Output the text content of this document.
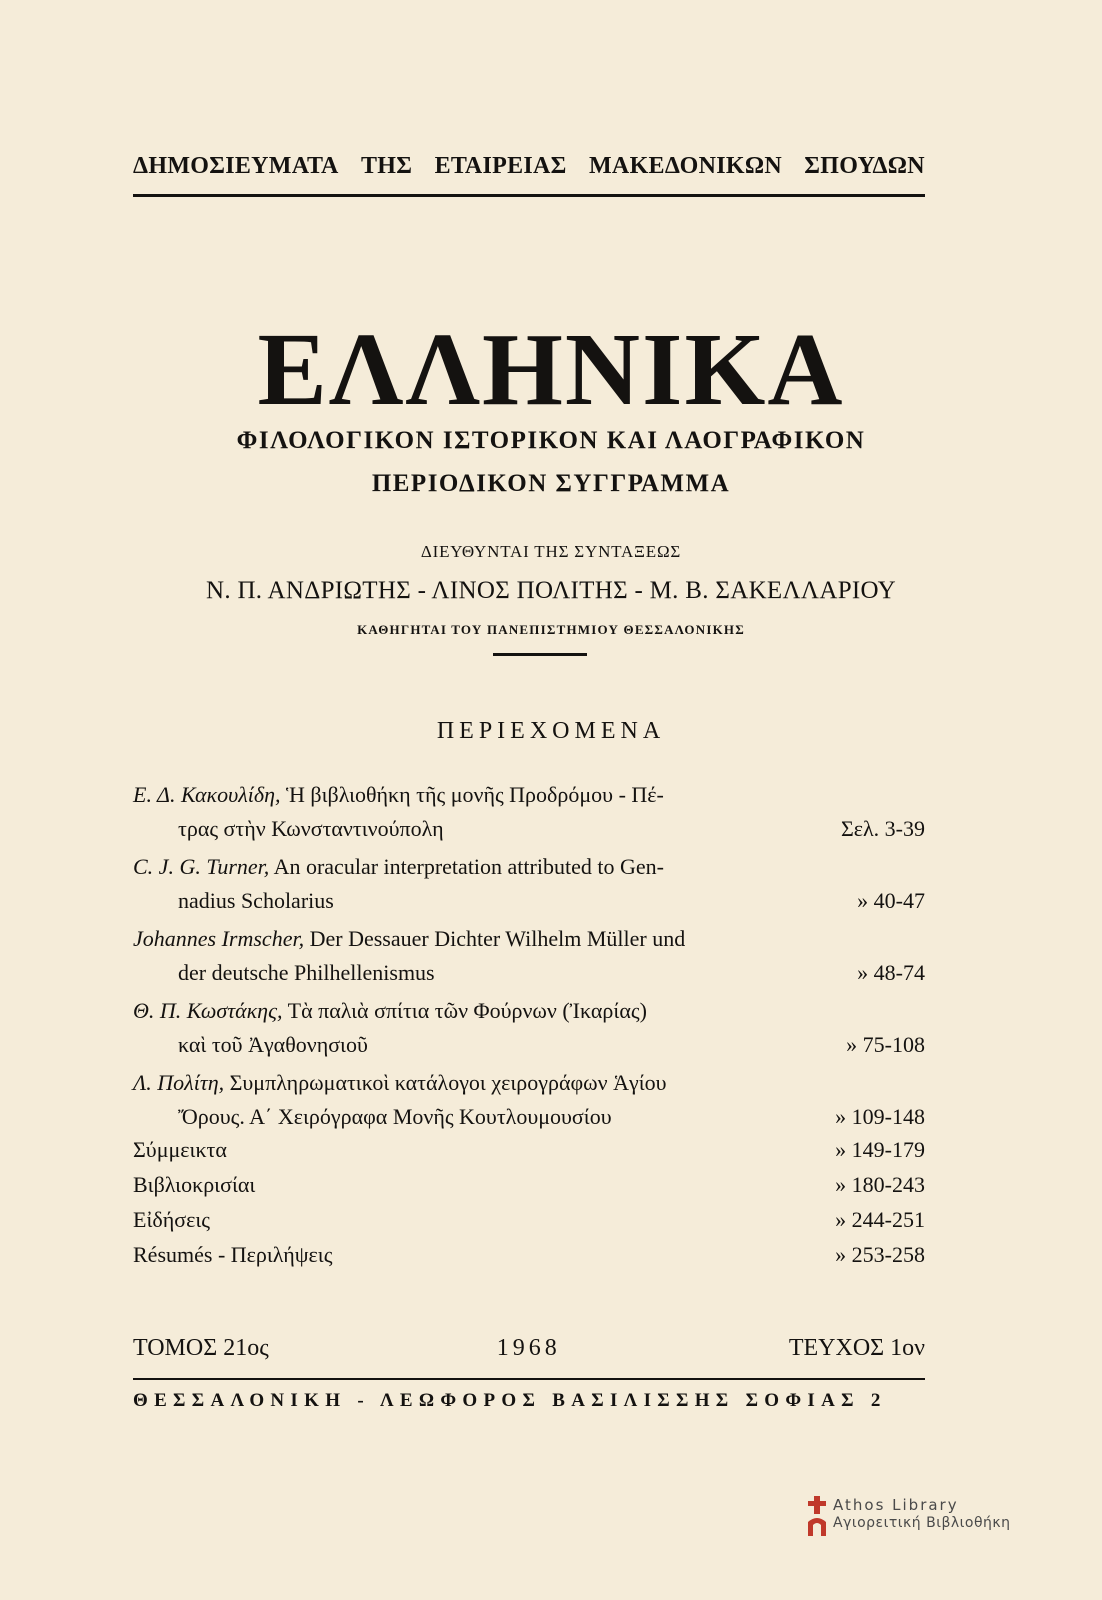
ΔΗΜΟΣΙΕΥΜΑΤΑ ΤΗΣ ΕΤΑΙΡΕΙΑΣ ΜΑΚΕΔΟΝΙΚΩΝ ΣΠΟΥΔΩΝ
ΕΛΛΗΝΙΚΑ
ΦΙΛΟΛΟΓΙΚΟΝ ΙΣΤΟΡΙΚΟΝ ΚΑΙ ΛΑΟΓΡΑΦΙΚΟΝ
ΠΕΡΙΟΔΙΚΟΝ ΣΥΓΓΡΑΜΜΑ
ΔΙΕΥΘΥΝΤΑΙ ΤΗΣ ΣΥΝΤΑΞΕΩΣ
Ν. Π. ΑΝΔΡΙΩΤΗΣ - ΛΙΝΟΣ ΠΟΛΙΤΗΣ - Μ. Β. ΣΑΚΕΛΛΑΡΙΟΥ
ΚΑΘΗΓΗΤΑΙ ΤΟΥ ΠΑΝΕΠΙΣΤΗΜΙΟΥ ΘΕΣΣΑΛΟΝΙΚΗΣ
ΠΕΡΙΕΧΟΜΕΝΑ
Ε. Δ. Κακουλίδη, Ἡ βιβλιοθήκη τῆς μονῆς Προδρόμου - Πέ-
τρας στὴν Κωνσταντινούπολη	Σελ. 3-39
C. J. G. Turner, An oracular interpretation attributed to Gen-
nadius Scholarius	» 40-47
Johannes Irmscher, Der Dessauer Dichter Wilhelm Müller und
der deutsche Philhellenismus	» 48-74
Θ. Π. Κωστάκης, Τὰ παλιὰ σπίτια τῶν Φούρνων (Ἰκαρίας)
καὶ τοῦ Ἀγαθονησιοῦ	» 75-108
Λ. Πολίτη, Συμπληρωματικοὶ κατάλογοι χειρογράφων Ἁγίου
Ὄρους. Α΄ Χειρόγραφα Μονῆς Κουτλουμουσίου	» 109-148
Σύμμεικτα	» 149-179
Βιβλιοκρισίαι	» 180-243
Εἰδήσεις	» 244-251
Résumés - Περιλήψεις	» 253-258
ΤΟΜΟΣ 21ος	1968	ΤΕΥΧΟΣ 1ον
ΘΕΣΣΑΛΟΝΙΚΗ - ΛΕΩΦΟΡΟΣ ΒΑΣΙΛΙΣΣΗΣ ΣΟΦΙΑΣ 2
Athos Library
Αγιορειτική Βιβλιοθήκη
